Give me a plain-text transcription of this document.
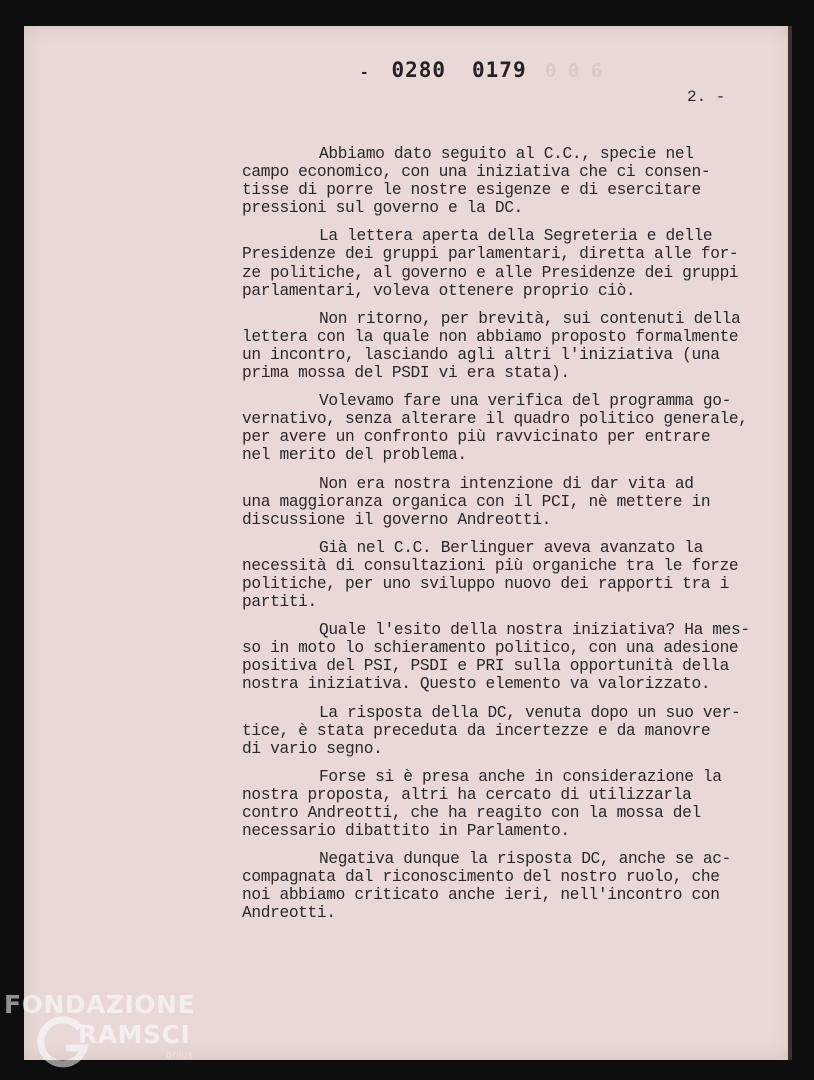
0 0 6
- 0280 0179
2. -

Abbiamo dato seguito al C.C., specie nel
campo economico, con una iniziativa che ci consen-
tisse di porre le nostre esigenze e di esercitare
pressioni sul governo e la DC.

La lettera aperta della Segreteria e delle
Presidenze dei gruppi parlamentari, diretta alle for-
ze politiche, al governo e alle Presidenze dei gruppi
parlamentari, voleva ottenere proprio ciò.

Non ritorno, per brevità, sui contenuti della
lettera con la quale non abbiamo proposto formalmente
un incontro, lasciando agli altri l'iniziativa (una
prima mossa del PSDI vi era stata).

Volevamo fare una verifica del programma go-
vernativo, senza alterare il quadro politico generale,
per avere un confronto più ravvicinato per entrare
nel merito del problema.

Non era nostra intenzione di dar vita ad
una maggioranza organica con il PCI, nè mettere in
discussione il governo Andreotti.

Già nel C.C. Berlinguer aveva avanzato la
necessità di consultazioni più organiche tra le forze
politiche, per uno sviluppo nuovo dei rapporti tra i
partiti.

Quale l'esito della nostra iniziativa? Ha mes-
so in moto lo schieramento politico, con una adesione
positiva del PSI, PSDI e PRI sulla opportunità della
nostra iniziativa. Questo elemento va valorizzato.

La risposta della DC, venuta dopo un suo ver-
tice, è stata preceduta da incertezze e da manovre
di vario segno.

Forse si è presa anche in considerazione la
nostra proposta, altri ha cercato di utilizzarla
contro Andreotti, che ha reagito con la mossa del
necessario dibattito in Parlamento.

Negativa dunque la risposta DC, anche se ac-
compagnata dal riconoscimento del nostro ruolo, che
noi abbiamo criticato anche ieri, nell'incontro con
Andreotti.

FONDAZIONE
RAMSCI
onlus
